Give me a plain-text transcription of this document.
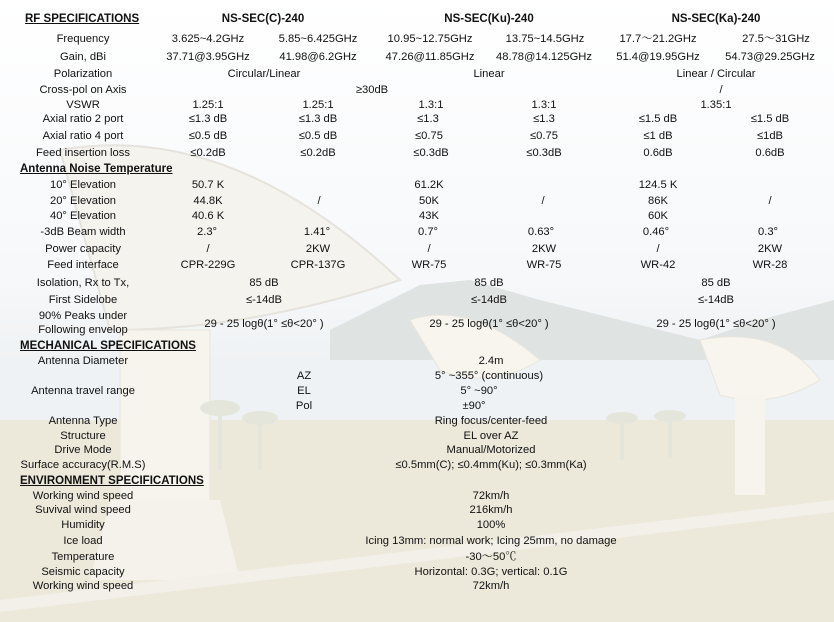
RF SPECIFICATIONS	NS-SEC(C)-240	NS-SEC(Ku)-240	NS-SEC(Ka)-240
Frequency	3.625~4.2GHz	5.85~6.425GHz	10.95~12.75GHz	13.75~14.5GHz	17.7～21.2GHz	27.5～31GHz
Gain, dBi	37.71@3.95GHz	41.98@6.2GHz	47.26@11.85GHz 48.78@14.125GHz 51.4@19.95GHz 54.73@29.25GHz
Polarization	Circular/Linear	Linear	Linear / Circular
Cross-pol on Axis	≥30dB	/
VSWR	1.25:1	1.25:1	1.3:1	1.3:1	1.35:1
Axial ratio 2 port	≤1.3 dB	≤1.3 dB	≤1.3	≤1.3	≤1.5 dB	≤1.5 dB
Axial ratio 4 port	≤0.5 dB	≤0.5 dB	≤0.75	≤0.75	≤1 dB	≤1dB
Feed insertion loss	≤0.2dB	≤0.2dB	≤0.3dB	≤0.3dB	0.6dB	0.6dB
Antenna Noise Temperature
10° Elevation	50.7 K	61.2K	124.5 K
20° Elevation	44.8K	/	50K	/	86K	/
40° Elevation	40.6 K	43K	60K
-3dB Beam width	2.3°	1.41°	0.7°	0.63°	0.46°	0.3°
Power capacity	/	2KW	/	2KW	/	2KW
Feed interface	CPR-229G	CPR-137G	WR-75	WR-75	WR-42	WR-28
Isolation, Rx to Tx,	85 dB	85 dB	85 dB
First Sidelobe	≤-14dB	≤-14dB	≤-14dB
90% Peaks under
Following envelop	29 - 25 logθ(1° ≤θ<20° )	29 - 25 logθ(1° ≤θ<20° )	29 - 25 logθ(1° ≤θ<20° )
MECHANICAL SPECIFICATIONS
Antenna Diameter	2.4m
Antenna travel range
AZ	5° ~355° (continuous)
EL	5° ~90°
Pol	±90°
Antenna Type	Ring focus/center-feed
Structure	EL over AZ
Drive Mode	Manual/Motorized
Surface accuracy(R.M.S)	≤0.5mm(C); ≤0.4mm(Ku); ≤0.3mm(Ka)
ENVIRONMENT SPECIFICATIONS
Working wind speed	72km/h
Suvival wind speed	216km/h
Humidity	100%
Ice load	Icing 13mm: normal work; Icing 25mm, no damage
Temperature	-30～50℃
Seismic capacity	Horizontal: 0.3G; vertical: 0.1G
Working wind speed	72km/h
